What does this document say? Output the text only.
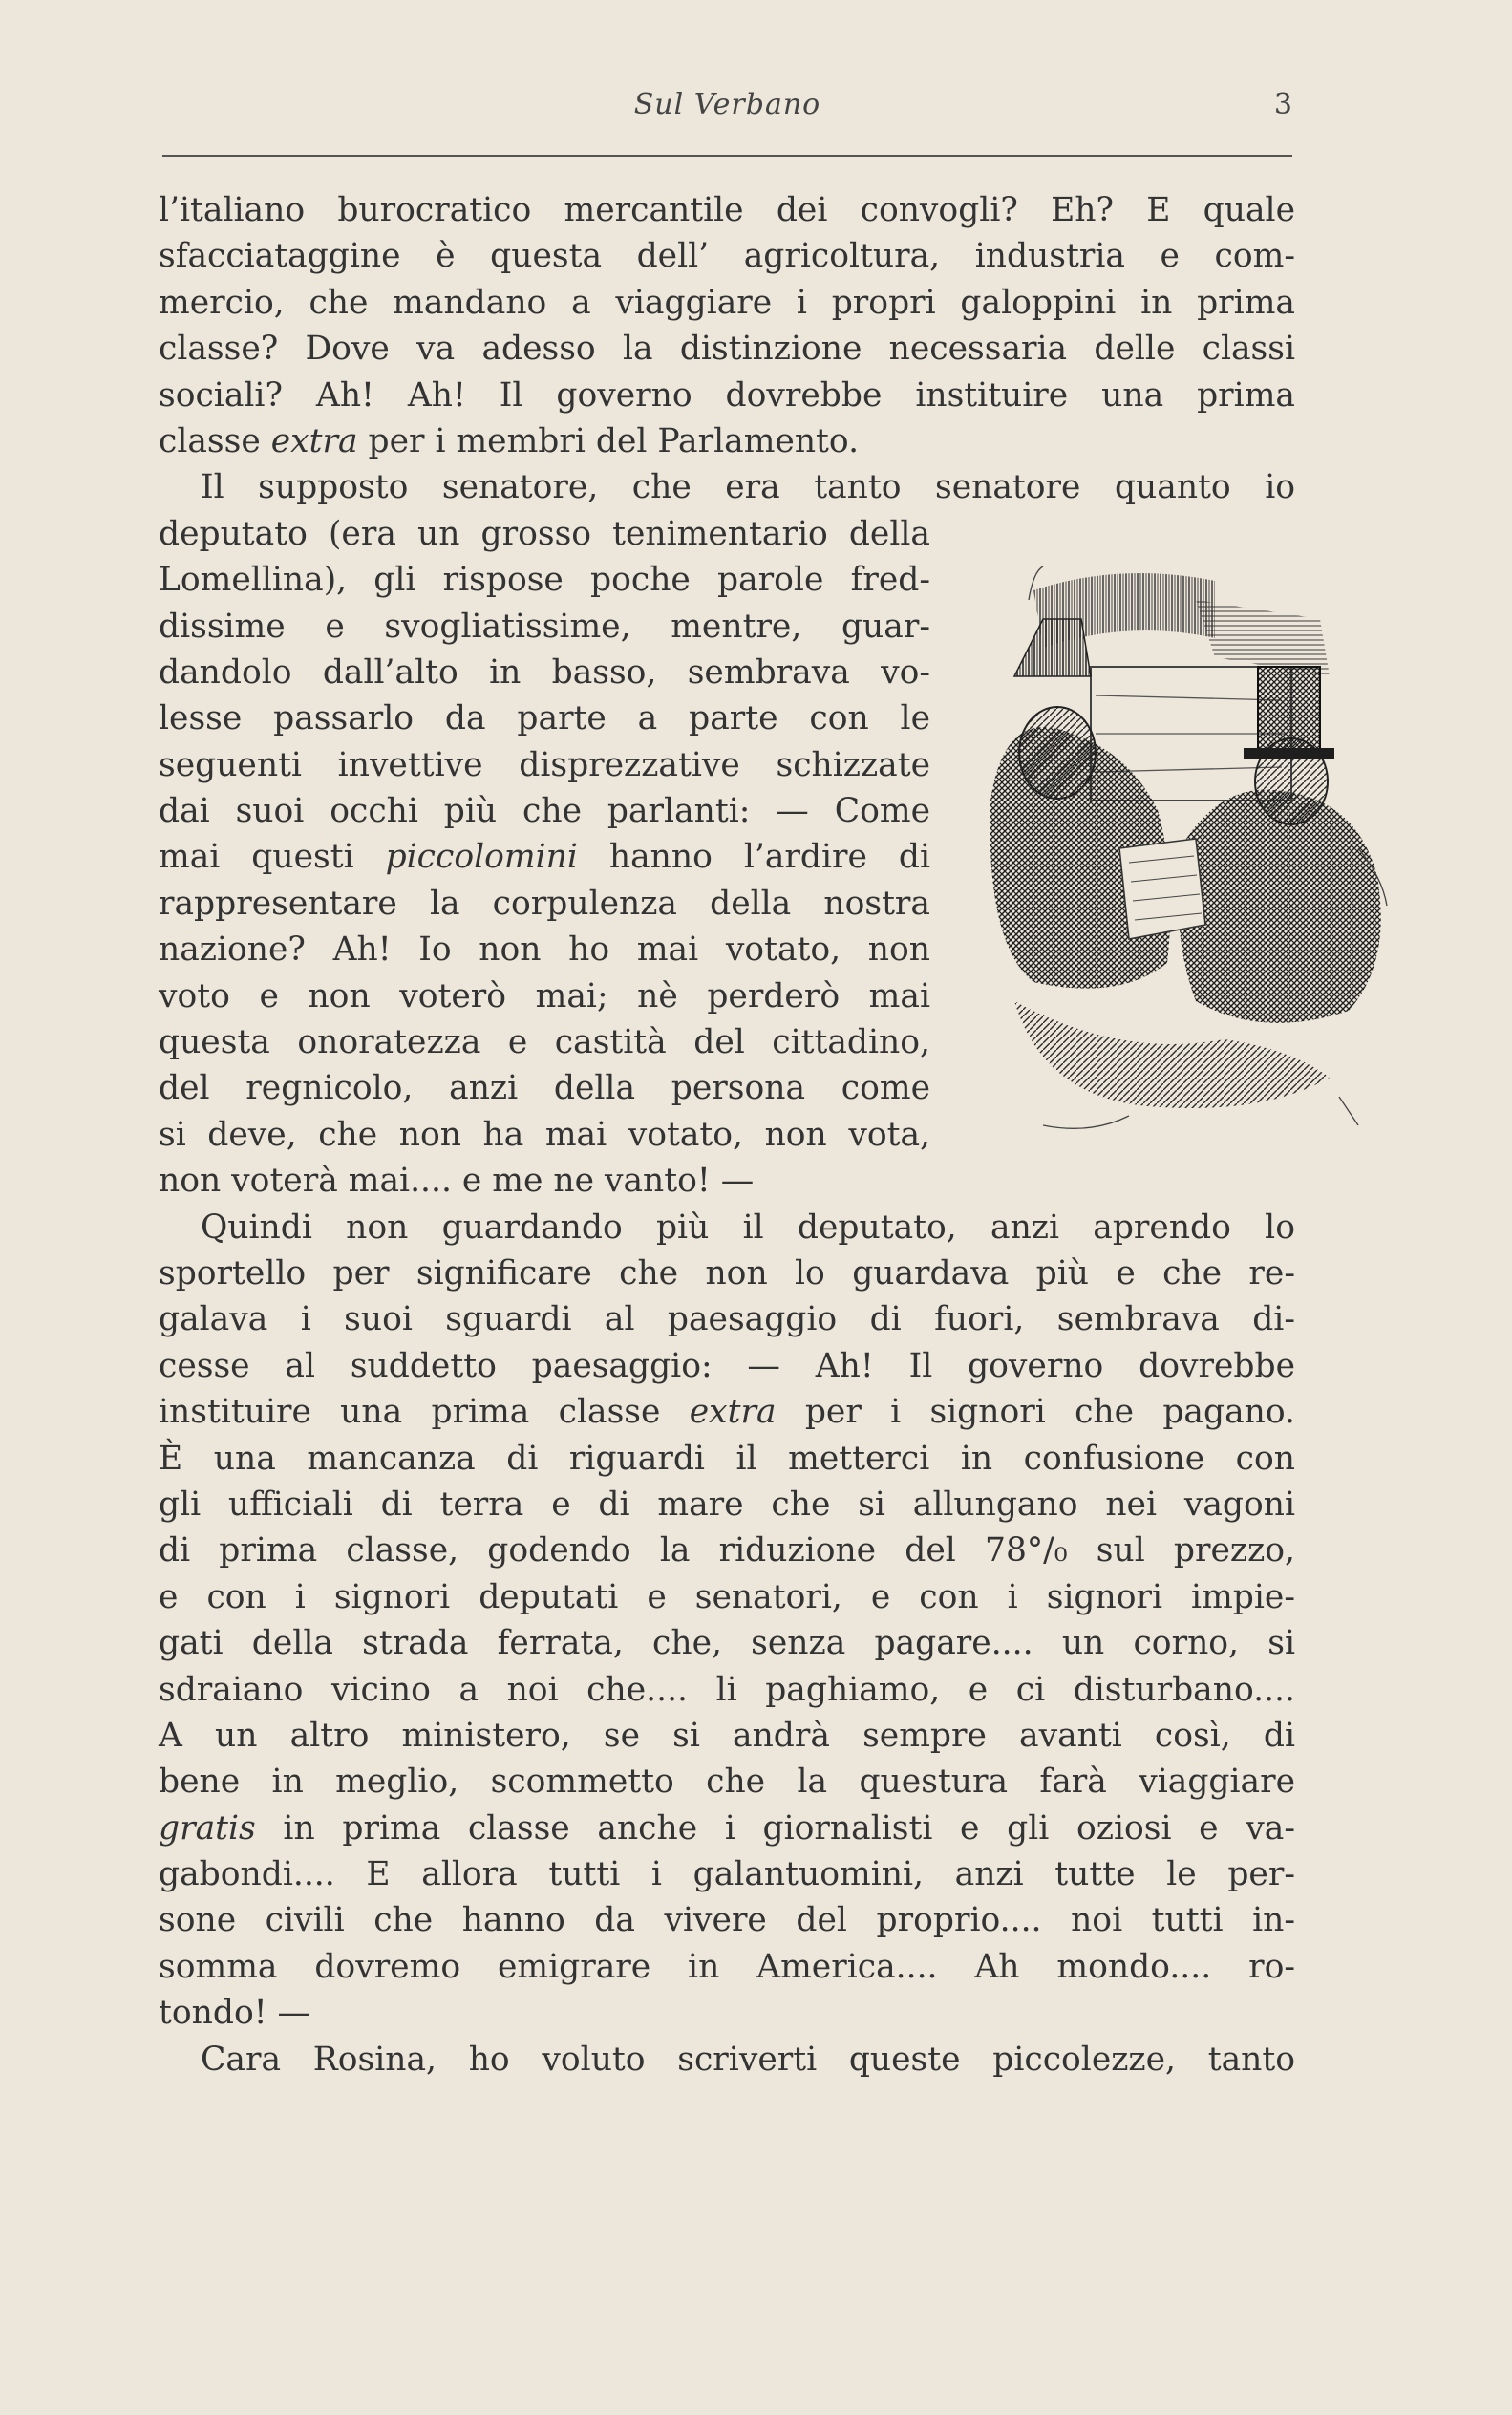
Sul Verbano	3
l’italiano burocratico mercantile dei convogli? Eh? E quale
sfacciataggine è questa dell’ agricoltura, industria e com-
mercio, che mandano a viaggiare i propri galoppini in prima
classe? Dove va adesso la distinzione necessaria delle classi
sociali? Ah! Ah! Il governo dovrebbe instituire una prima
classe extra per i membri del Parlamento.
Il supposto senatore, che era tanto senatore quanto io
deputato (era un grosso tenimentario della
Lomellina), gli rispose poche parole fred-
dissime e svogliatissime, mentre, guar-
dandolo dall’alto in basso, sembrava vo-
lesse passarlo da parte a parte con le
seguenti invettive disprezzative schizzate
dai suoi occhi più che parlanti: — Come
mai questi piccolomini hanno l’ardire di
rappresentare la corpulenza della nostra
nazione? Ah! Io non ho mai votato, non
voto e non voterò mai; nè perderò mai
questa onoratezza e castità del cittadino,
del regnicolo, anzi della persona come
si deve, che non ha mai votato, non vota,
non voterà mai.... e me ne vanto! —
Quindi non guardando più il deputato, anzi aprendo lo
sportello per significare che non lo guardava più e che re-
galava i suoi sguardi al paesaggio di fuori, sembrava di-
cesse al suddetto paesaggio: — Ah! Il governo dovrebbe
instituire una prima classe extra per i signori che pagano.
È una mancanza di riguardi il metterci in confusione con
gli ufficiali di terra e di mare che si allungano nei vagoni
di prima classe, godendo la riduzione del 78°/₀ sul prezzo,
e con i signori deputati e senatori, e con i signori impie-
gati della strada ferrata, che, senza pagare.... un corno, si
sdraiano vicino a noi che.... li paghiamo, e ci disturbano....
A un altro ministero, se si andrà sempre avanti così, di
bene in meglio, scommetto che la questura farà viaggiare
gratis in prima classe anche i giornalisti e gli oziosi e va-
gabondi.... E allora tutti i galantuomini, anzi tutte le per-
sone civili che hanno da vivere del proprio.... noi tutti in-
somma dovremo emigrare in America.... Ah mondo.... ro-
tondo! —
Cara Rosina, ho voluto scriverti queste piccolezze, tanto
